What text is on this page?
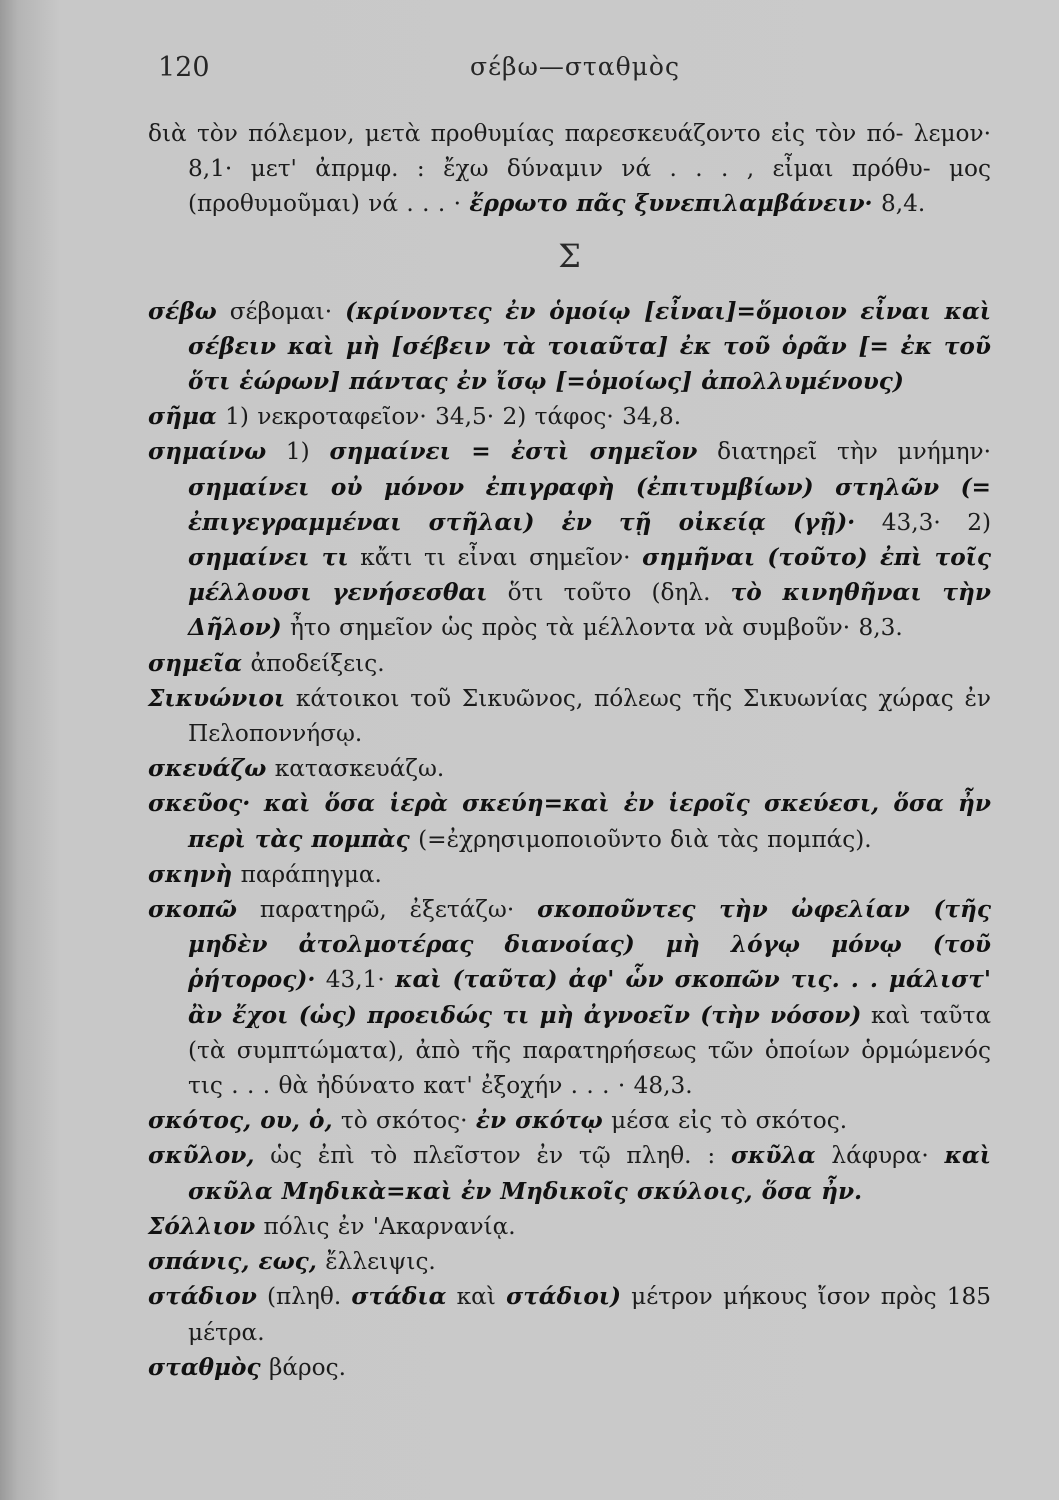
120	σέβω—σταθμὸς

διὰ τὸν πόλεμον, μετὰ προθυμίας παρεσκευάζοντο εἰς τὸν πό- λεμον· 8,1· μετ' ἀπρμφ. : ἔχω δύναμιν νά . . . , εἶμαι πρόθυ- μος (προθυμοῦμαι) νά . . . · ἔρρωτο πᾶς ξυνεπιλαμβάνειν· 8,4.

Σ

σέβω σέβομαι· (κρίνοντες ἐν ὁμοίῳ [εἶναι]=ὅμοιον εἶναι καὶ σέβειν καὶ μὴ [σέβειν τὰ τοιαῦτα] ἐκ τοῦ ὁρᾶν [= ἐκ τοῦ ὅτι ἑώρων] πάντας ἐν ἴσῳ [=ὁμοίως] ἀπολλυμένους)

σῆμα 1) νεκροταφεῖον· 34,5· 2) τάφος· 34,8.

σημαίνω 1) σημαίνει = ἐστὶ σημεῖον διατηρεῖ τὴν μνήμην· σημαίνει οὐ μόνον ἐπιγραφὴ (ἐπιτυμβίων) στηλῶν (= ἐπιγεγραμμέναι στῆλαι) ἐν τῇ οἰκείᾳ (γῇ)· 43,3· 2) σημαίνει τι κἄτι τι εἶναι σημεῖον· σημῆναι (τοῦτο) ἐπὶ τοῖς μέλλουσι γενήσεσθαι ὅτι τοῦτο (δηλ. τὸ κινηθῆναι τὴν Δῆλον) ἦτο σημεῖον ὡς πρὸς τὰ μέλλοντα νὰ συμβοῦν· 8,3.

σημεῖα ἀποδείξεις.

Σικυώνιοι κάτοικοι τοῦ Σικυῶνος, πόλεως τῆς Σικυωνίας χώρας ἐν Πελοποννήσῳ.

σκευάζω κατασκευάζω.

σκεῦος· καὶ ὅσα ἱερὰ σκεύη=καὶ ἐν ἱεροῖς σκεύεσι, ὅσα ἦν περὶ τὰς πομπὰς (=ἐχρησιμοποιοῦντο διὰ τὰς πομπάς).

σκηνὴ παράπηγμα.

σκοπῶ παρατηρῶ, ἐξετάζω· σκοποῦντες τὴν ὠφελίαν (τῆς μηδὲν ἀτολμοτέρας διανοίας) μὴ λόγῳ μόνῳ (τοῦ ῥήτορος)· 43,1· καὶ (ταῦτα) ἀφ' ὧν σκοπῶν τις. . . μάλιστ' ἂν ἔχοι (ὡς) προειδώς τι μὴ ἀγνοεῖν (τὴν νόσον) καὶ ταῦτα (τὰ συμπτώματα), ἀπὸ τῆς παρατηρήσεως τῶν ὁποίων ὁρμώμενός τις . . . θὰ ἠδύνατο κατ' ἐξοχήν . . . · 48,3.

σκότος, ου, ὁ, τὸ σκότος· ἐν σκότῳ μέσα εἰς τὸ σκότος.

σκῦλον, ὡς ἐπὶ τὸ πλεῖστον ἐν τῷ πληθ. : σκῦλα λάφυρα· καὶ σκῦλα Μηδικὰ=καὶ ἐν Μηδικοῖς σκύλοις, ὅσα ἦν.

Σόλλιον πόλις ἐν 'Ακαρνανίᾳ.

σπάνις, εως, ἔλλειψις.

στάδιον (πληθ. στάδια καὶ στάδιοι) μέτρον μήκους ἴσον πρὸς 185 μέτρα.

σταθμὸς βάρος.
